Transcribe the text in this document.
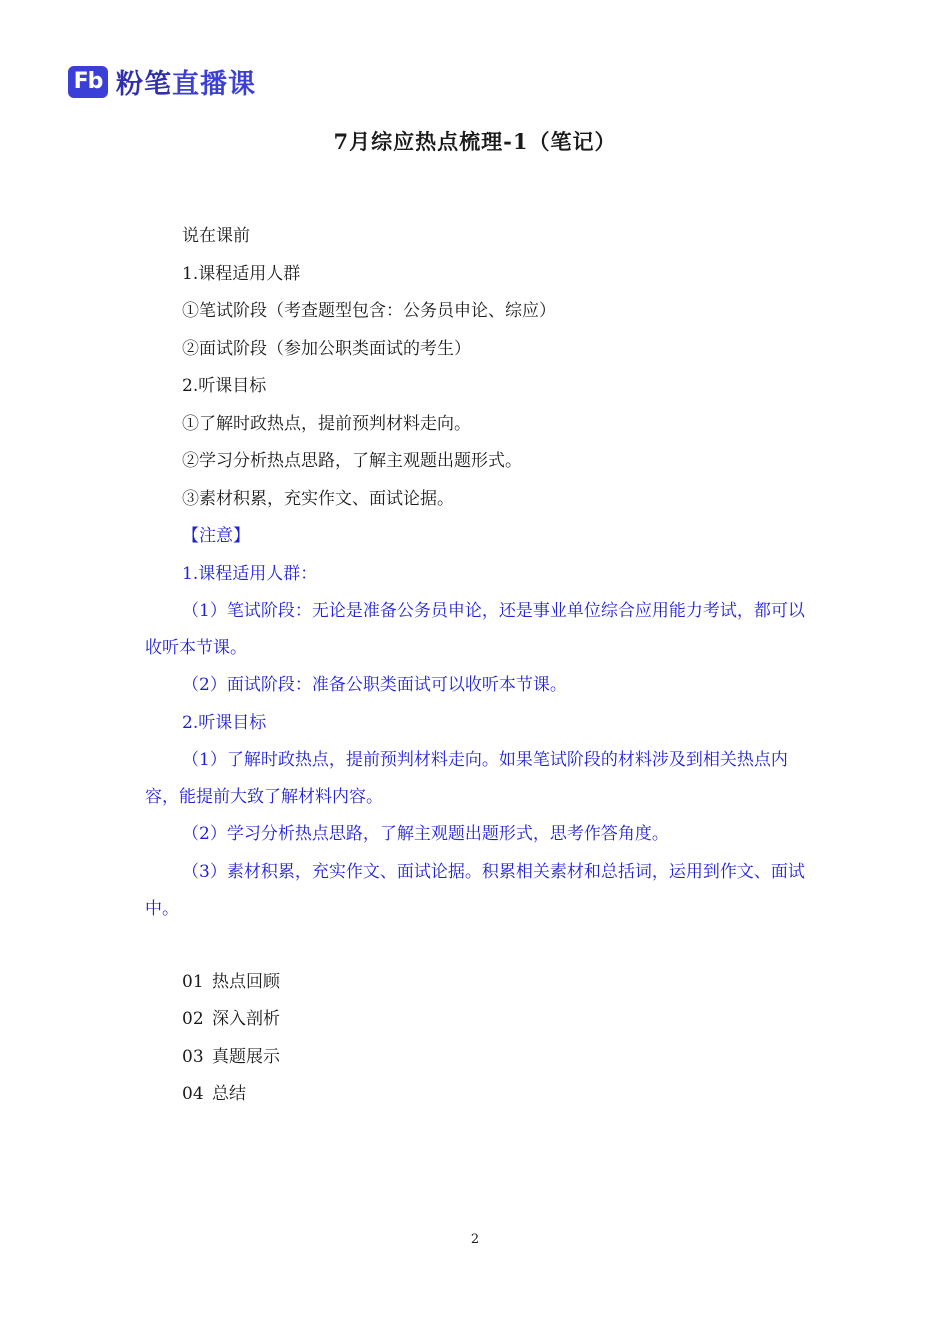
Fb 粉笔直播课
7月综应热点梳理-1（笔记）

说在课前

1.课程适用人群

①笔试阶段（考查题型包含：公务员申论、综应）

②面试阶段（参加公职类面试的考生）

2.听课目标

①了解时政热点，提前预判材料走向。

②学习分析热点思路，了解主观题出题形式。

③素材积累，充实作文、面试论据。

【注意】

1.课程适用人群：

（1）笔试阶段：无论是准备公务员申论，还是事业单位综合应用能力考试，都可以收听本节课。

（2）面试阶段：准备公职类面试可以收听本节课。

2.听课目标

（1）了解时政热点，提前预判材料走向。如果笔试阶段的材料涉及到相关热点内容，能提前大致了解材料内容。

（2）学习分析热点思路，了解主观题出题形式，思考作答角度。

（3）素材积累，充实作文、面试论据。积累相关素材和总括词，运用到作文、面试中。

01 热点回顾

02 深入剖析

03 真题展示

04 总结

2
